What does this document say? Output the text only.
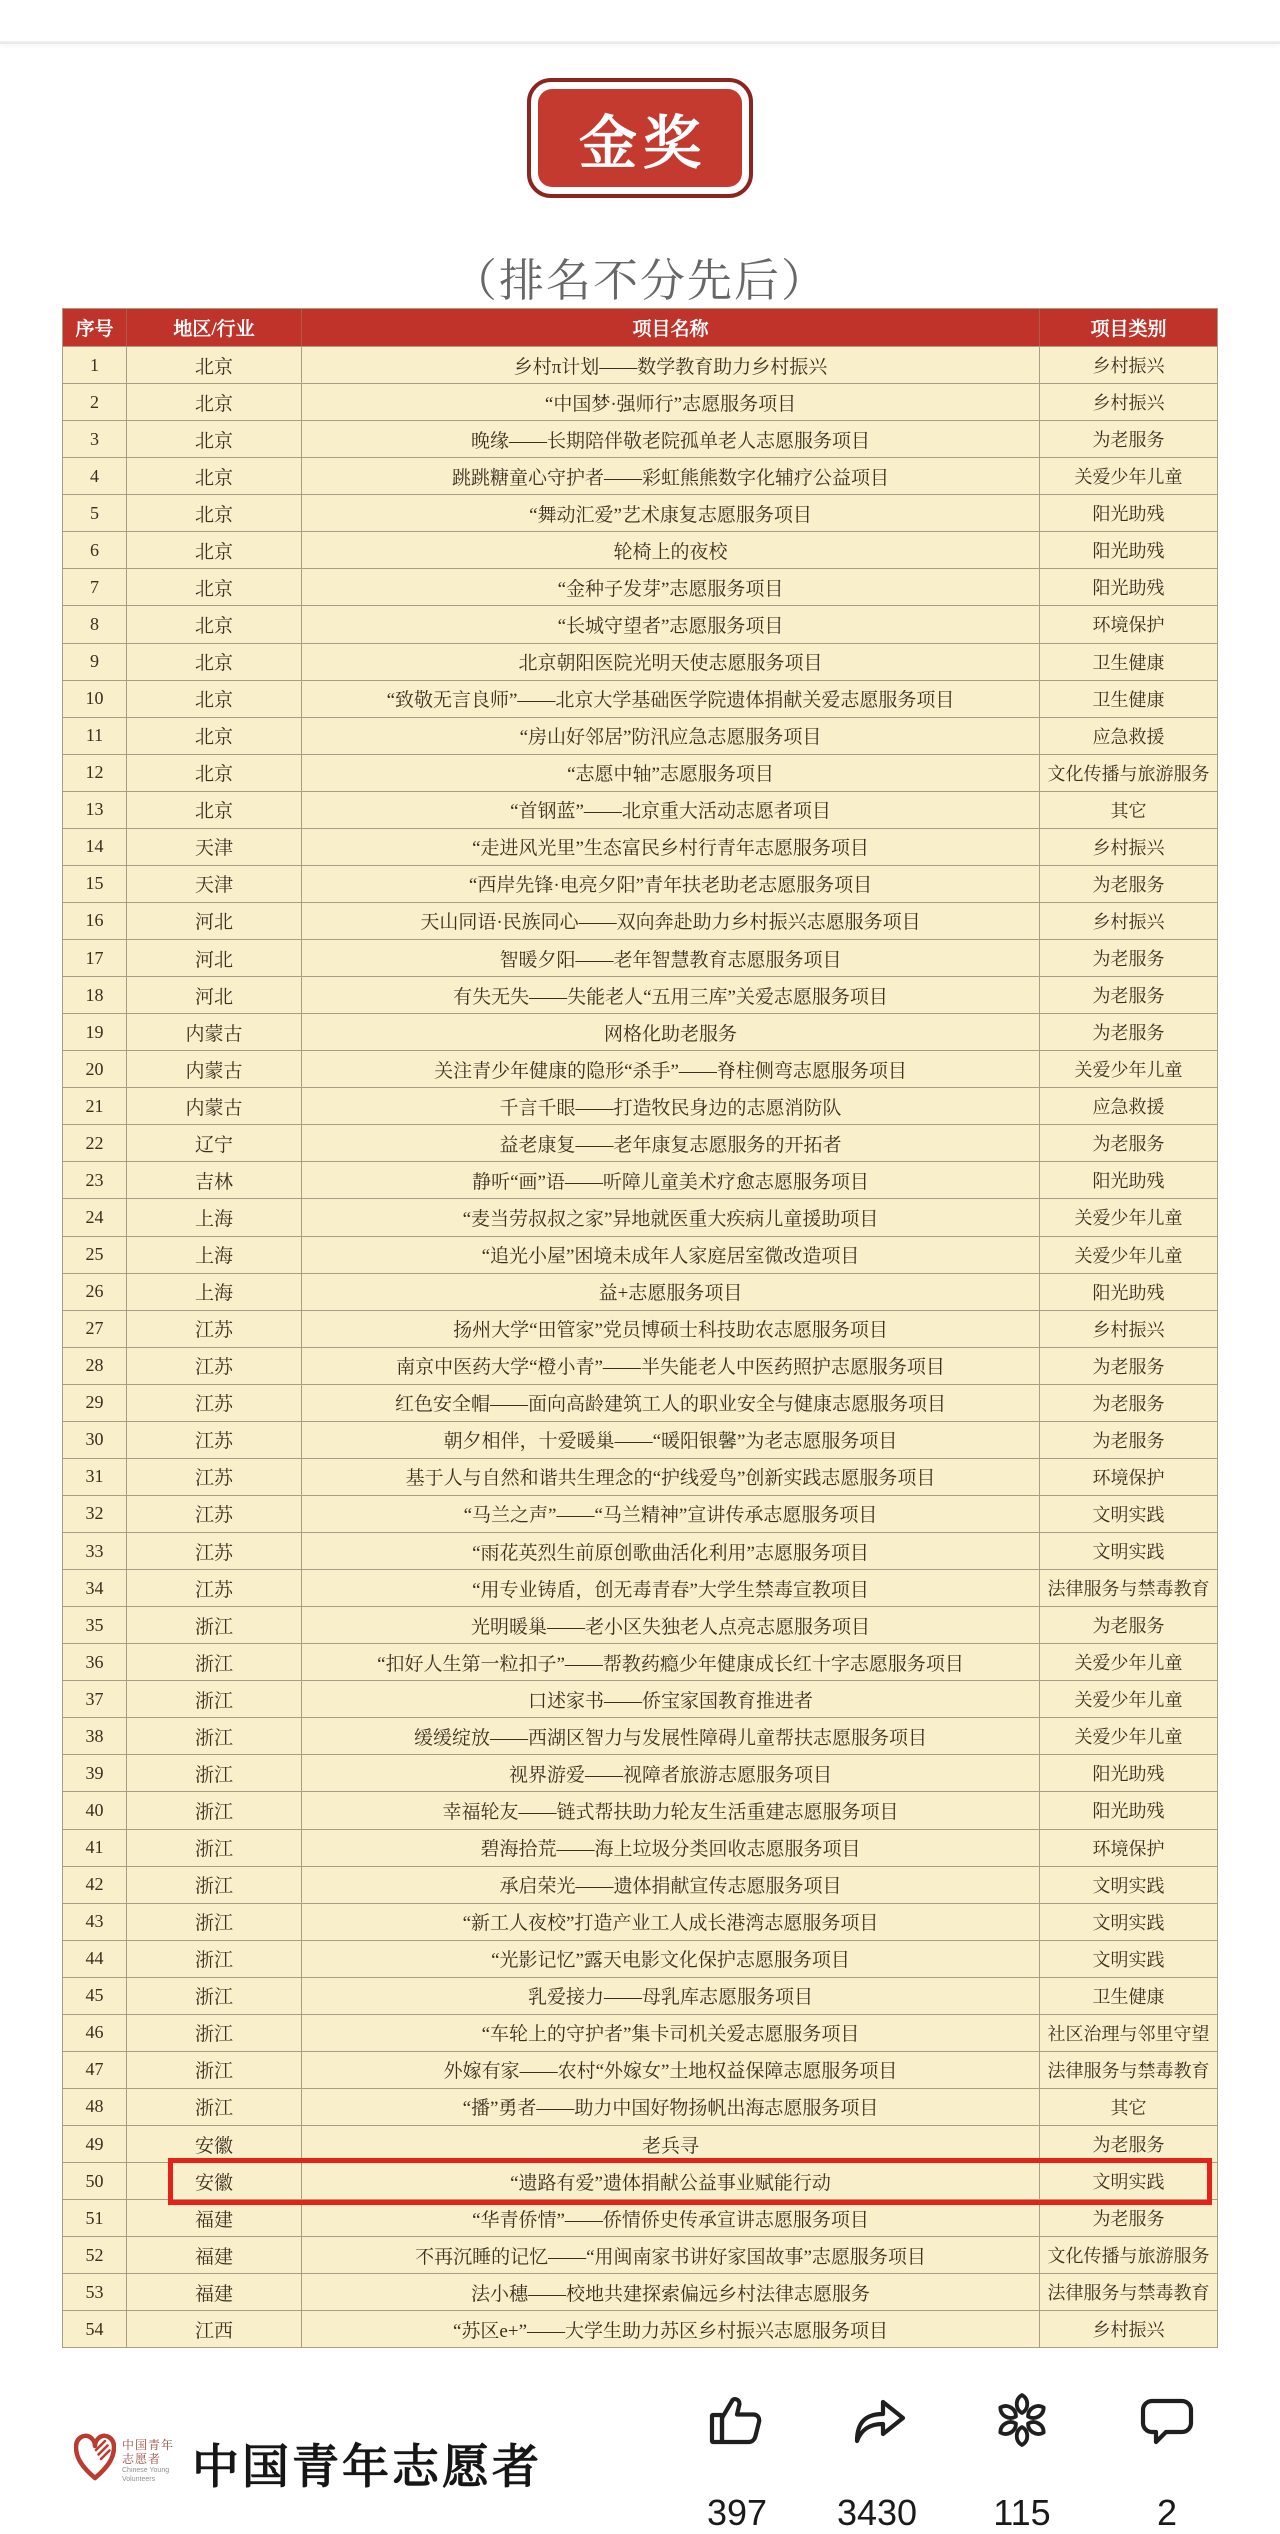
金奖
（排名不分先后）
序号	地区/行业	项目名称	项目类别
1	北京	乡村π计划——数学教育助力乡村振兴	乡村振兴
2	北京	“中国梦·强师行”志愿服务项目	乡村振兴
3	北京	晚缘——长期陪伴敬老院孤单老人志愿服务项目	为老服务
4	北京	跳跳糖童心守护者——彩虹熊熊数字化辅疗公益项目	关爱少年儿童
5	北京	“舞动汇爱”艺术康复志愿服务项目	阳光助残
6	北京	轮椅上的夜校	阳光助残
7	北京	“金种子发芽”志愿服务项目	阳光助残
8	北京	“长城守望者”志愿服务项目	环境保护
9	北京	北京朝阳医院光明天使志愿服务项目	卫生健康
10	北京	“致敬无言良师”——北京大学基础医学院遗体捐献关爱志愿服务项目	卫生健康
11	北京	“房山好邻居”防汛应急志愿服务项目	应急救援
12	北京	“志愿中轴”志愿服务项目	文化传播与旅游服务
13	北京	“首钢蓝”——北京重大活动志愿者项目	其它
14	天津	“走进风光里”生态富民乡村行青年志愿服务项目	乡村振兴
15	天津	“西岸先锋·电亮夕阳”青年扶老助老志愿服务项目	为老服务
16	河北	天山同语·民族同心——双向奔赴助力乡村振兴志愿服务项目	乡村振兴
17	河北	智暖夕阳——老年智慧教育志愿服务项目	为老服务
18	河北	有失无失——失能老人“五用三库”关爱志愿服务项目	为老服务
19	内蒙古	网格化助老服务	为老服务
20	内蒙古	关注青少年健康的隐形“杀手”——脊柱侧弯志愿服务项目	关爱少年儿童
21	内蒙古	千言千眼——打造牧民身边的志愿消防队	应急救援
22	辽宁	益老康复——老年康复志愿服务的开拓者	为老服务
23	吉林	静听“画”语——听障儿童美术疗愈志愿服务项目	阳光助残
24	上海	“麦当劳叔叔之家”异地就医重大疾病儿童援助项目	关爱少年儿童
25	上海	“追光小屋”困境未成年人家庭居室微改造项目	关爱少年儿童
26	上海	益+志愿服务项目	阳光助残
27	江苏	扬州大学“田管家”党员博硕士科技助农志愿服务项目	乡村振兴
28	江苏	南京中医药大学“橙小青”——半失能老人中医药照护志愿服务项目	为老服务
29	江苏	红色安全帽——面向高龄建筑工人的职业安全与健康志愿服务项目	为老服务
30	江苏	朝夕相伴，十爱暖巢——“暖阳银馨”为老志愿服务项目	为老服务
31	江苏	基于人与自然和谐共生理念的“护线爱鸟”创新实践志愿服务项目	环境保护
32	江苏	“马兰之声”——“马兰精神”宣讲传承志愿服务项目	文明实践
33	江苏	“雨花英烈生前原创歌曲活化利用”志愿服务项目	文明实践
34	江苏	“用专业铸盾，创无毒青春”大学生禁毒宣教项目	法律服务与禁毒教育
35	浙江	光明暖巢——老小区失独老人点亮志愿服务项目	为老服务
36	浙江	“扣好人生第一粒扣子”——帮教药瘾少年健康成长红十字志愿服务项目	关爱少年儿童
37	浙江	口述家书——侨宝家国教育推进者	关爱少年儿童
38	浙江	缓缓绽放——西湖区智力与发展性障碍儿童帮扶志愿服务项目	关爱少年儿童
39	浙江	视界游爱——视障者旅游志愿服务项目	阳光助残
40	浙江	幸福轮友——链式帮扶助力轮友生活重建志愿服务项目	阳光助残
41	浙江	碧海拾荒——海上垃圾分类回收志愿服务项目	环境保护
42	浙江	承启荣光——遗体捐献宣传志愿服务项目	文明实践
43	浙江	“新工人夜校”打造产业工人成长港湾志愿服务项目	文明实践
44	浙江	“光影记忆”露天电影文化保护志愿服务项目	文明实践
45	浙江	乳爱接力——母乳库志愿服务项目	卫生健康
46	浙江	“车轮上的守护者”集卡司机关爱志愿服务项目	社区治理与邻里守望
47	浙江	外嫁有家——农村“外嫁女”土地权益保障志愿服务项目	法律服务与禁毒教育
48	浙江	“播”勇者——助力中国好物扬帆出海志愿服务项目	其它
49	安徽	老兵寻	为老服务
50	安徽	“遗路有爱”遗体捐献公益事业赋能行动	文明实践
51	福建	“华青侨情”——侨情侨史传承宣讲志愿服务项目	为老服务
52	福建	不再沉睡的记忆——“用闽南家书讲好家国故事”志愿服务项目	文化传播与旅游服务
53	福建	法小穗——校地共建探索偏远乡村法律志愿服务	法律服务与禁毒教育
54	江西	“苏区e+”——大学生助力苏区乡村振兴志愿服务项目	乡村振兴
中国青年
志愿者
Chinese Young
Volunteers 中国青年志愿者
397	3430	115	2
